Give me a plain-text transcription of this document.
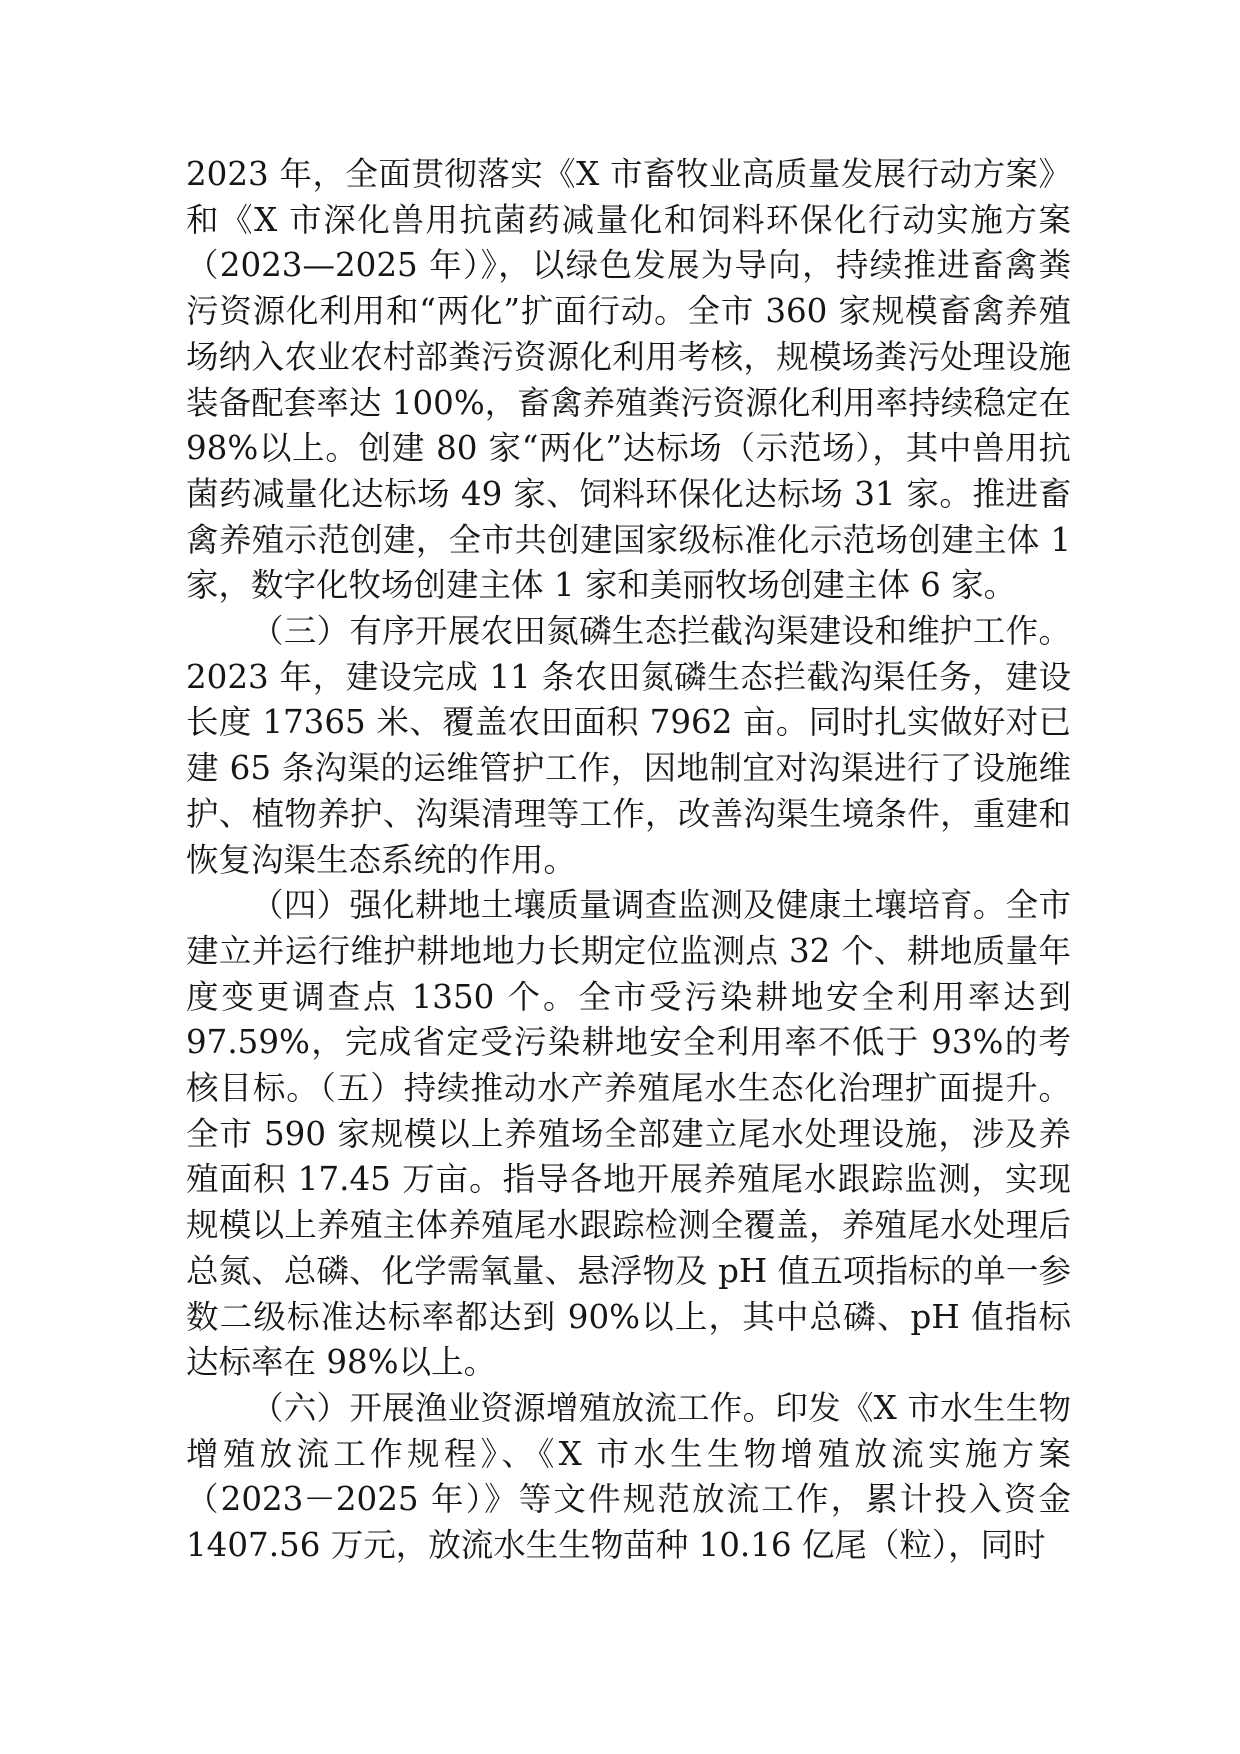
2023 年，全面贯彻落实《X 市畜牧业高质量发展行动方案》和《X 市深化兽用抗菌药减量化和饲料环保化行动实施方案（2023—2025 年）》，以绿色发展为导向，持续推进畜禽粪污资源化利用和“两化”扩面行动。全市 360 家规模畜禽养殖场纳入农业农村部粪污资源化利用考核，规模场粪污处理设施装备配套率达 100%，畜禽养殖粪污资源化利用率持续稳定在 98%以上。创建 80 家“两化”达标场（示范场），其中兽用抗菌药减量化达标场 49 家、饲料环保化达标场 31 家。推进畜禽养殖示范创建，全市共创建国家级标准化示范场创建主体 1 家，数字化牧场创建主体 1 家和美丽牧场创建主体 6 家。

（三）有序开展农田氮磷生态拦截沟渠建设和维护工作。2023 年，建设完成 11 条农田氮磷生态拦截沟渠任务，建设长度 17365 米、覆盖农田面积 7962 亩。同时扎实做好对已建 65 条沟渠的运维管护工作，因地制宜对沟渠进行了设施维护、植物养护、沟渠清理等工作，改善沟渠生境条件，重建和恢复沟渠生态系统的作用。

（四）强化耕地土壤质量调查监测及健康土壤培育。全市建立并运行维护耕地地力长期定位监测点 32 个、耕地质量年度变更调查点 1350 个。全市受污染耕地安全利用率达到 97.59%，完成省定受污染耕地安全利用率不低于 93%的考核目标。（五）持续推动水产养殖尾水生态化治理扩面提升。全市 590 家规模以上养殖场全部建立尾水处理设施，涉及养殖面积 17.45 万亩。指导各地开展养殖尾水跟踪监测，实现规模以上养殖主体养殖尾水跟踪检测全覆盖，养殖尾水处理后总氮、总磷、化学需氧量、悬浮物及 pH 值五项指标的单一参数二级标准达标率都达到 90%以上，其中总磷、pH 值指标达标率在 98%以上。

（六）开展渔业资源增殖放流工作。印发《X 市水生生物增殖放流工作规程》、《X 市水生生物增殖放流实施方案（2023－2025 年）》等文件规范放流工作，累计投入资金 1407.56 万元，放流水生生物苗种 10.16 亿尾（粒），同时
